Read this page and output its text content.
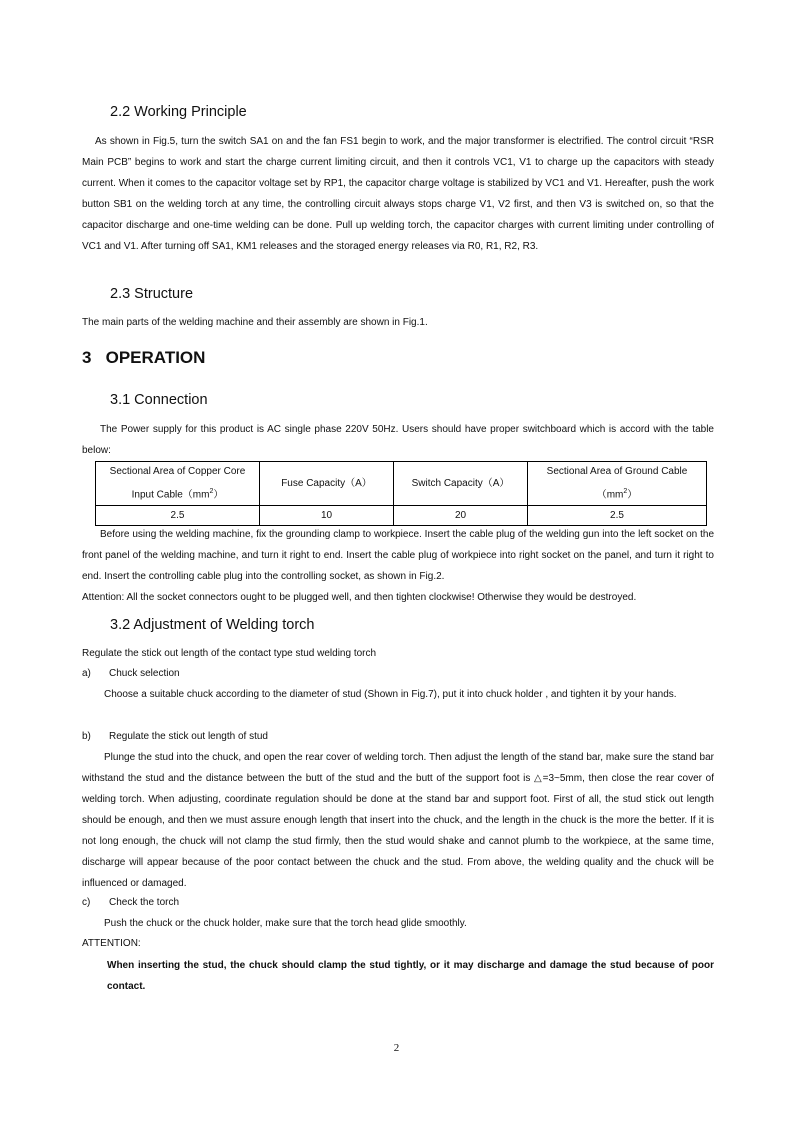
2.2 Working Principle

As shown in Fig.5, turn the switch SA1 on and the fan FS1 begin to work, and the major transformer is electrified. The control circuit “RSR Main PCB” begins to work and start the charge current limiting circuit, and then it controls VC1, V1 to charge up the capacitors with steady current. When it comes to the capacitor voltage set by RP1, the capacitor charge voltage is stabilized by VC1 and V1. Hereafter, push the work button SB1 on the welding torch at any time, the controlling circuit always stops charge V1, V2 first, and then V3 is switched on, so that the capacitor discharge and one-time welding can be done. Pull up welding torch, the capacitor charges with current limiting under controlling of VC1 and V1. After turning off SA1, KM1 releases and the storaged energy releases via R0, R1, R2, R3.

2.3 Structure

The main parts of the welding machine and their assembly are shown in Fig.1.

3   OPERATION
3.1 Connection

The Power supply for this product is AC single phase 220V 50Hz. Users should have proper switchboard which is accord with the table below:

Sectional Area of Copper Core
Input $Cable(mm^2)$	Fuse Capacity（A）	Switch Capacity（A）	Sectional Area of Ground Cable
$(mm^2)$
2.5	10	20	2.5

Before using the welding machine, fix the grounding clamp to workpiece. Insert the cable plug of the welding gun into the left socket on the front panel of the welding machine, and turn it right to end. Insert the cable plug of workpiece into right socket on the panel, and turn it right to end. Insert the controlling cable plug into the controlling socket, as shown in Fig.2.

Attention: All the socket connectors ought to be plugged well, and then tighten clockwise! Otherwise they would be destroyed.

3.2 Adjustment of Welding torch

Regulate the stick out length of the contact type stud welding torch

a) Chuck selection

Choose a suitable chuck according to the diameter of stud (Shown in Fig.7), put it into chuck holder , and tighten it by your hands.

b) Regulate the stick out length of stud

Plunge the stud into the chuck, and open the rear cover of welding torch. Then adjust the length of the stand bar, make sure the stand bar withstand the stud and the distance between the butt of the stud and the butt of the support foot is △=3~5mm, then close the rear cover of welding torch. When adjusting, coordinate regulation should be done at the stand bar and support foot. First of all, the stud stick out length should be enough, and then we must assure enough length that insert into the chuck, and the length in the chuck is the more the better. If it is not long enough, the chuck will not clamp the stud firmly, then the stud would shake and cannot plumb to the workpiece, at the same time, discharge will appear because of the poor contact between the chuck and the stud. From above, the welding quality and the chuck will be influenced or damaged.

c) Check the torch
Push the chuck or the chuck holder, make sure that the torch head glide smoothly.
ATTENTION:

When inserting the stud, the chuck should clamp the stud tightly, or it may discharge and damage the stud because of poor contact.

2
